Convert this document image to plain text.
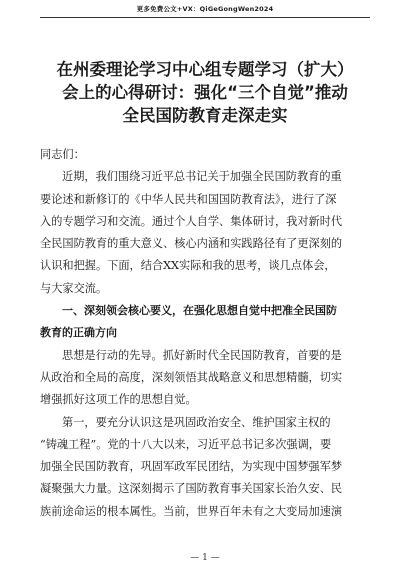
更多免费公文+VX：QiGeGongWen2024
在州委理论学习中心组专题学习（扩大）
会上的心得研讨：强化“三个自觉”推动
全民国防教育走深走实
同志们：
近期，我们围绕习近平总书记关于加强全民国防教育的重
要论述和新修订的《中华人民共和国国防教育法》，进行了深
入的专题学习和交流。通过个人自学、集体研讨，我对新时代
全民国防教育的重大意义、核心内涵和实践路径有了更深刻的
认识和把握。下面，结合XX实际和我的思考，谈几点体会，
与大家交流。
一、深刻领会核心要义，在强化思想自觉中把准全民国防
教育的正确方向
思想是行动的先导。抓好新时代全民国防教育，首要的是
从政治和全局的高度，深刻领悟其战略意义和思想精髓，切实
增强抓好这项工作的思想自觉。
第一，要充分认识这是巩固政治安全、维护国家主权的
“铸魂工程”。党的十八大以来，习近平总书记多次强调，要
加强全民国防教育，巩固军政军民团结，为实现中国梦强军梦
凝聚强大力量。这深刻揭示了国防教育事关国家长治久安、民
族前途命运的根本属性。当前，世界百年未有之大变局加速演
— 1 —
